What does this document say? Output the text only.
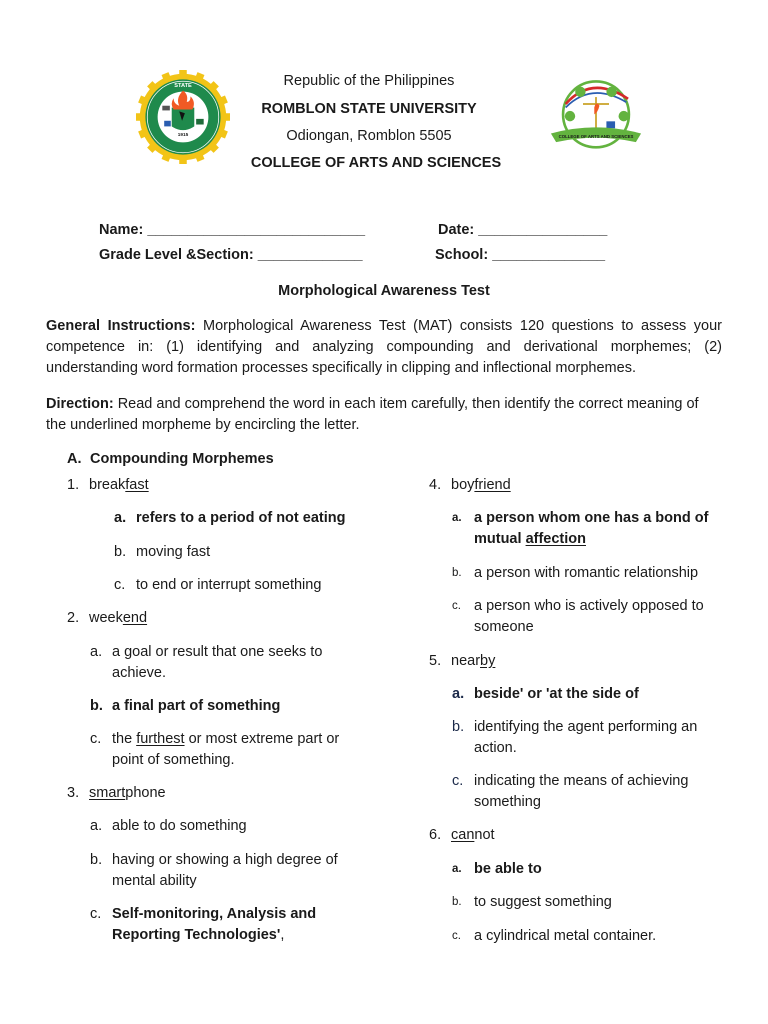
1915
STATE
COLLEGE OF ARTS AND SCIENCES
Republic of the Philippines
ROMBLON STATE UNIVERSITY
Odiongan, Romblon 5505
COLLEGE OF ARTS AND SCIENCES
Name: ___________________________	Date: ________________
Grade Level &Section: _____________	School: ______________
Morphological Awareness Test
General Instructions: Morphological Awareness Test (MAT) consists 120 questions to assess your competence in: (1) identifying and analyzing compounding and derivational morphemes; (2) understanding word formation processes specifically in clipping and inflectional morphemes.
Direction: Read and comprehend the word in each item carefully, then identify the correct meaning of the underlined morpheme by encircling the letter.
A. Compounding Morphemes
1. breakfast
a. refers to a period of not eating
b. moving fast
c. to end or interrupt something
2. weekend
a. a goal or result that one seeks to achieve.
b. a final part of something
c. the furthest or most extreme part or point of something.
3. smartphone
a. able to do something
b. having or showing a high degree of mental ability
c. Self-monitoring, Analysis and Reporting Technologies',
4. boyfriend
a. a person whom one has a bond of mutual affection
b. a person with romantic relationship
c. a person who is actively opposed to someone
5. nearby
a. beside' or 'at the side of
b. identifying the agent performing an action.
c. indicating the means of achieving something
6. cannot
a. be able to
b. to suggest something
c. a cylindrical metal container.
